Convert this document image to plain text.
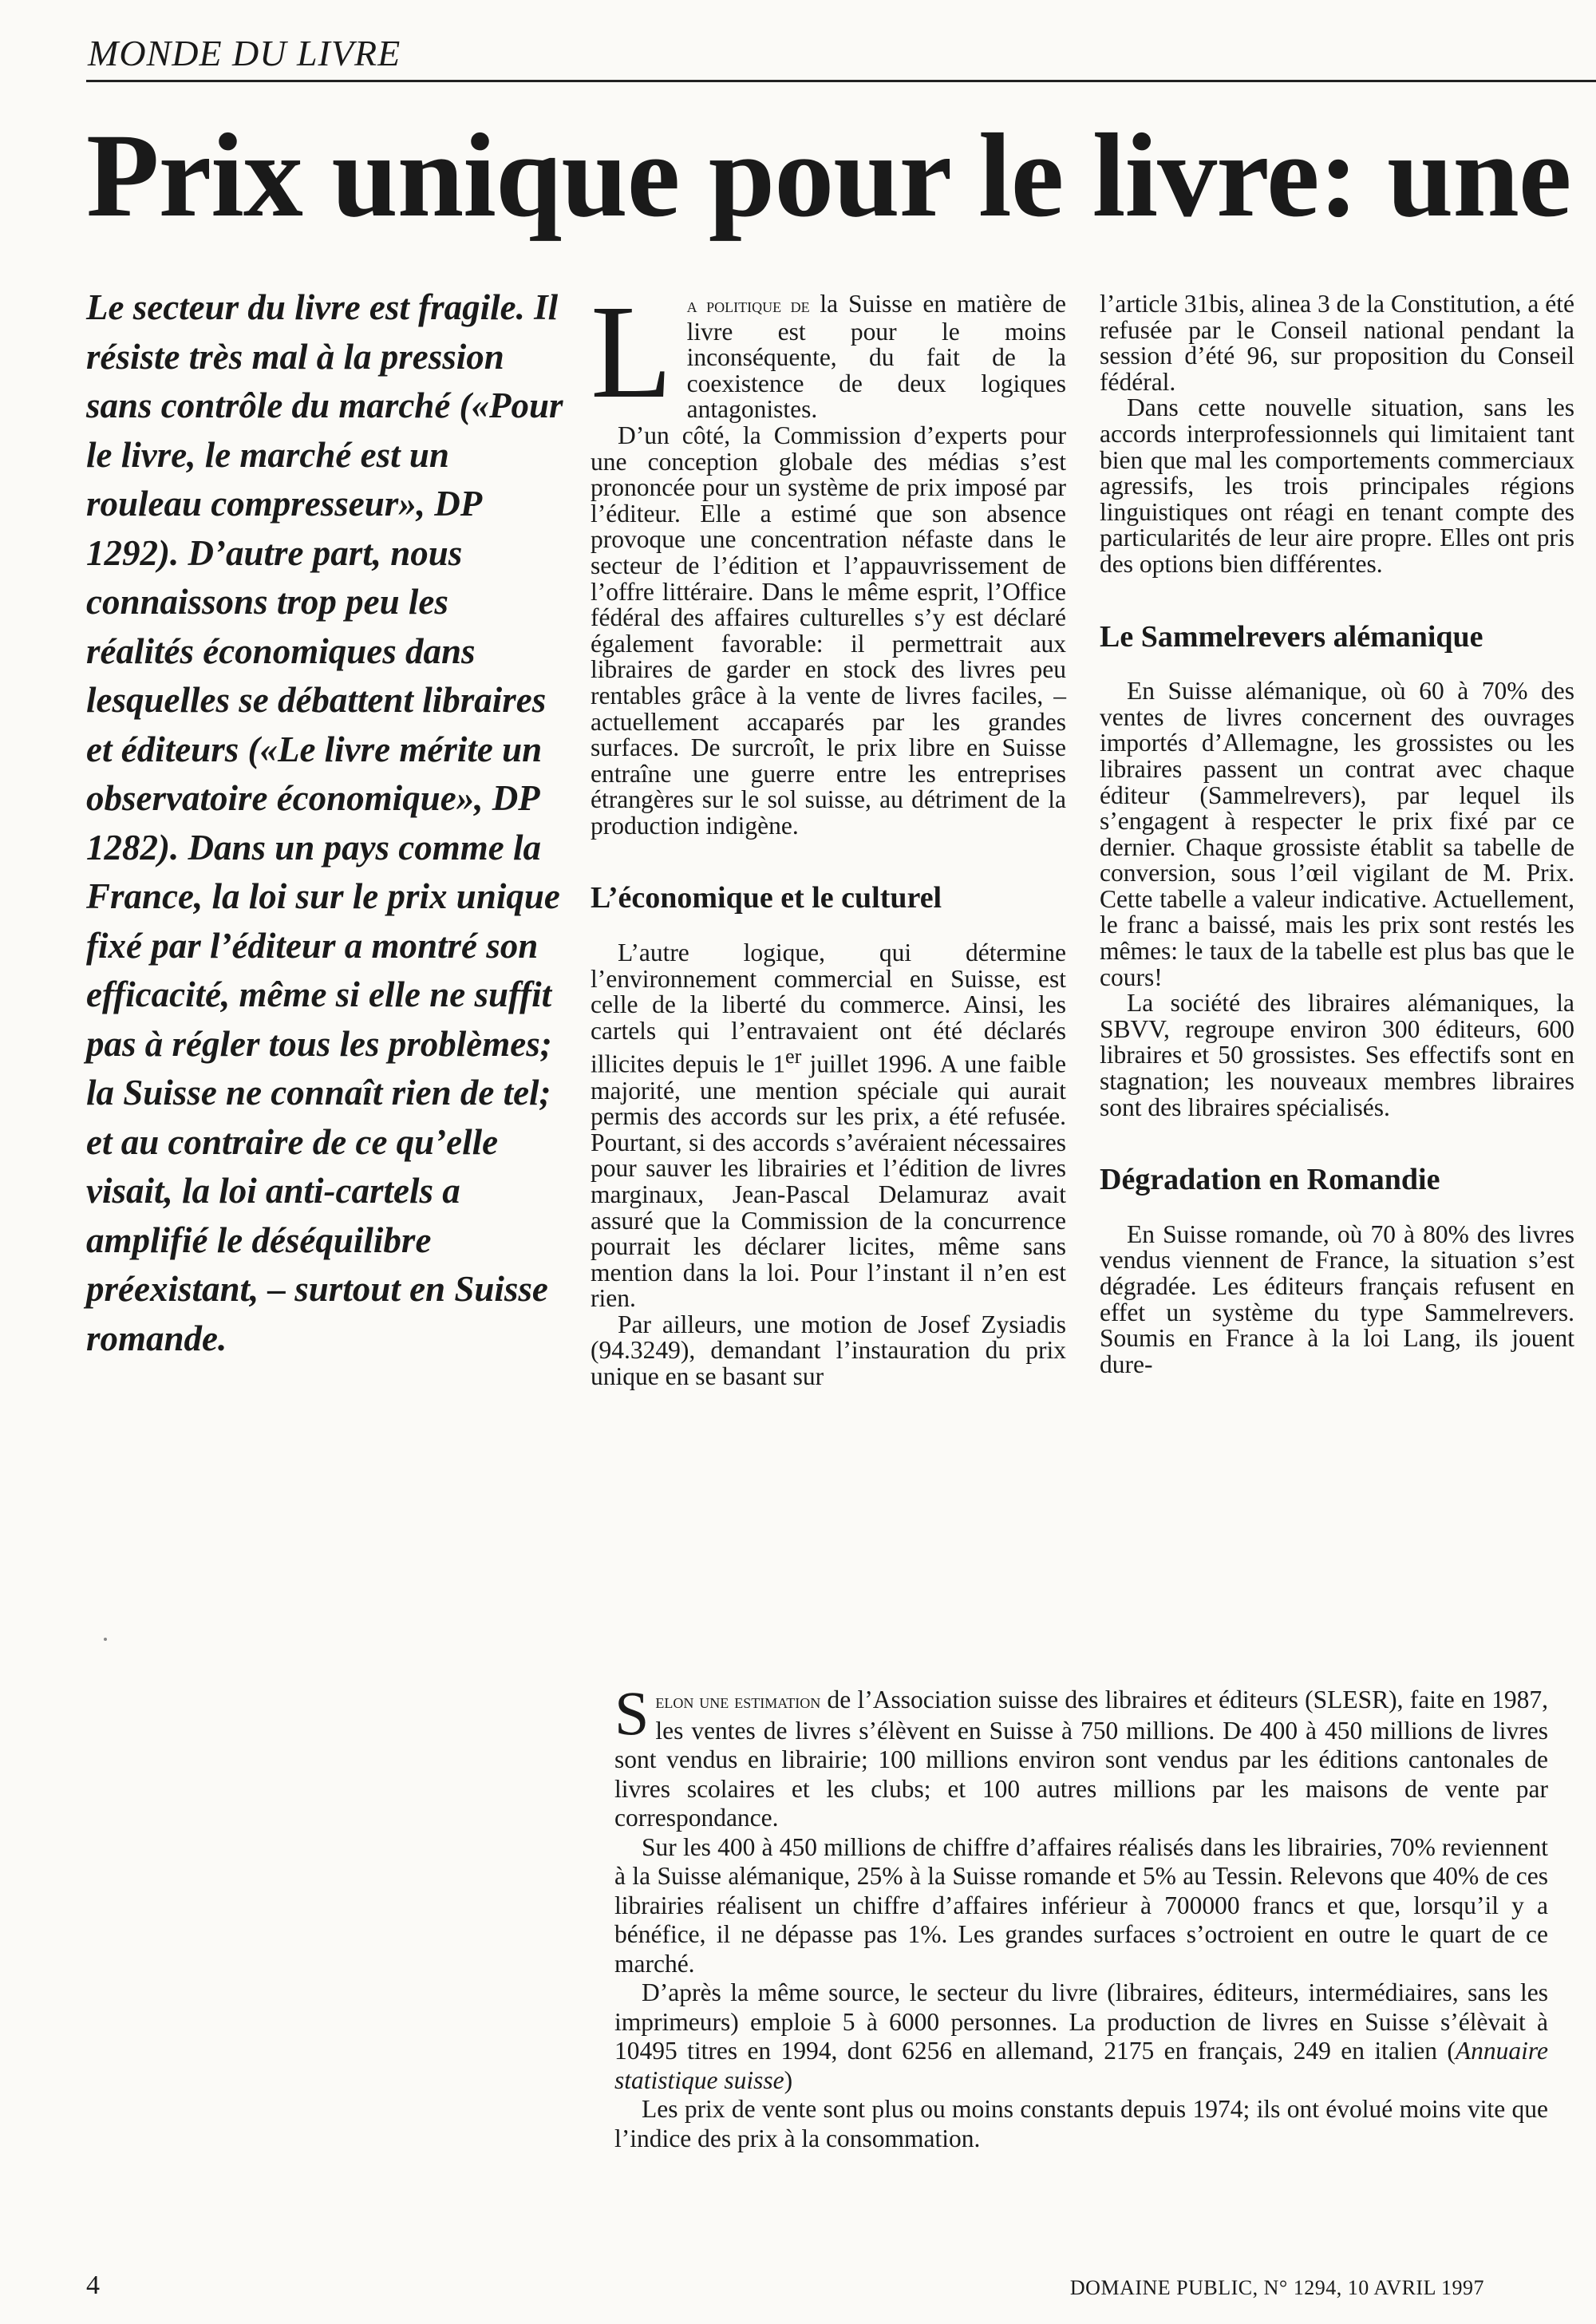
MONDE DU LIVRE
Prix unique pour le livre: une

Le secteur du livre est fragile. Il résiste très mal à la pression sans contrôle du marché («Pour le livre, le marché est un rouleau compresseur», DP 1292). D’autre part, nous connaissons trop peu les réalités économiques dans lesquelles se débattent libraires et éditeurs («Le livre mérite un observatoire économique», DP 1282). Dans un pays comme la France, la loi sur le prix unique fixé par l’éditeur a montré son efficacité, même si elle ne suffit pas à régler tous les problèmes; la Suisse ne connaît rien de tel; et au contraire de ce qu’elle visait, la loi anti-cartels a amplifié le déséquilibre préexistant, – surtout en Suisse romande.

La politique de la Suisse en matière de livre est pour le moins inconséquente, du fait de la coexistence de deux logiques antagonistes.

D’un côté, la Commission d’experts pour une conception globale des médias s’est prononcée pour un système de prix imposé par l’éditeur. Elle a estimé que son absence provoque une concentration néfaste dans le secteur de l’édition et l’appauvrissement de l’offre littéraire. Dans le même esprit, l’Office fédéral des affaires culturelles s’y est déclaré également favorable: il permettrait aux libraires de garder en stock des livres peu rentables grâce à la vente de livres faciles, – actuellement accaparés par les grandes surfaces. De surcroît, le prix libre en Suisse entraîne une guerre entre les entreprises étrangères sur le sol suisse, au détriment de la production indigène.

L’économique et le culturel

L’autre logique, qui détermine l’environnement commercial en Suisse, est celle de la liberté du commerce. Ainsi, les cartels qui l’entravaient ont été déclarés illicites depuis le 1er juillet 1996. A une faible majorité, une mention spéciale qui aurait permis des accords sur les prix, a été refusée. Pourtant, si des accords s’avéraient nécessaires pour sauver les librairies et l’édition de livres marginaux, Jean-Pascal Delamuraz avait assuré que la Commission de la concurrence pourrait les déclarer licites, même sans mention dans la loi. Pour l’instant il n’en est rien.

Par ailleurs, une motion de Josef Zysiadis (94.3249), demandant l’instauration du prix unique en se basant sur

l’article 31bis, alinea 3 de la Constitution, a été refusée par le Conseil national pendant la session d’été 96, sur proposition du Conseil fédéral.

Dans cette nouvelle situation, sans les accords interprofessionnels qui limitaient tant bien que mal les comportements commerciaux agressifs, les trois principales régions linguistiques ont réagi en tenant compte des particularités de leur aire propre. Elles ont pris des options bien différentes.

Le Sammelrevers alémanique

En Suisse alémanique, où 60 à 70% des ventes de livres concernent des ouvrages importés d’Allemagne, les grossistes ou les libraires passent un contrat avec chaque éditeur (Sammelrevers), par lequel ils s’engagent à respecter le prix fixé par ce dernier. Chaque grossiste établit sa tabelle de conversion, sous l’œil vigilant de M. Prix. Cette tabelle a valeur indicative. Actuellement, le franc a baissé, mais les prix sont restés les mêmes: le taux de la tabelle est plus bas que le cours!

La société des libraires alémaniques, la SBVV, regroupe environ 300 éditeurs, 600 libraires et 50 grossistes. Ses effectifs sont en stagnation; les nouveaux membres libraires sont des libraires spécialisés.

Dégradation en Romandie

En Suisse romande, où 70 à 80% des livres vendus viennent de France, la situation s’est dégradée. Les éditeurs français refusent en effet un système du type Sammelrevers. Soumis en France à la loi Lang, ils jouent dure-

Selon une estimation de l’Association suisse des libraires et éditeurs (SLESR), faite en 1987, les ventes de livres s’élèvent en Suisse à 750 millions. De 400 à 450 millions de livres sont vendus en librairie; 100 millions environ sont vendus par les éditions cantonales de livres scolaires et les clubs; et 100 autres millions par les maisons de vente par correspondance.

Sur les 400 à 450 millions de chiffre d’affaires réalisés dans les librairies, 70% reviennent à la Suisse alémanique, 25% à la Suisse romande et 5% au Tessin. Relevons que 40% de ces librairies réalisent un chiffre d’affaires inférieur à 700000 francs et que, lorsqu’il y a bénéfice, il ne dépasse pas 1%. Les grandes surfaces s’octroient en outre le quart de ce marché.

D’après la même source, le secteur du livre (libraires, éditeurs, intermédiaires, sans les imprimeurs) emploie 5 à 6000 personnes. La production de livres en Suisse s’élèvait à 10495 titres en 1994, dont 6256 en allemand, 2175 en français, 249 en italien (Annuaire statistique suisse)

Les prix de vente sont plus ou moins constants depuis 1974; ils ont évolué moins vite que l’indice des prix à la consommation.

4	DOMAINE PUBLIC, N° 1294, 10 AVRIL 1997
